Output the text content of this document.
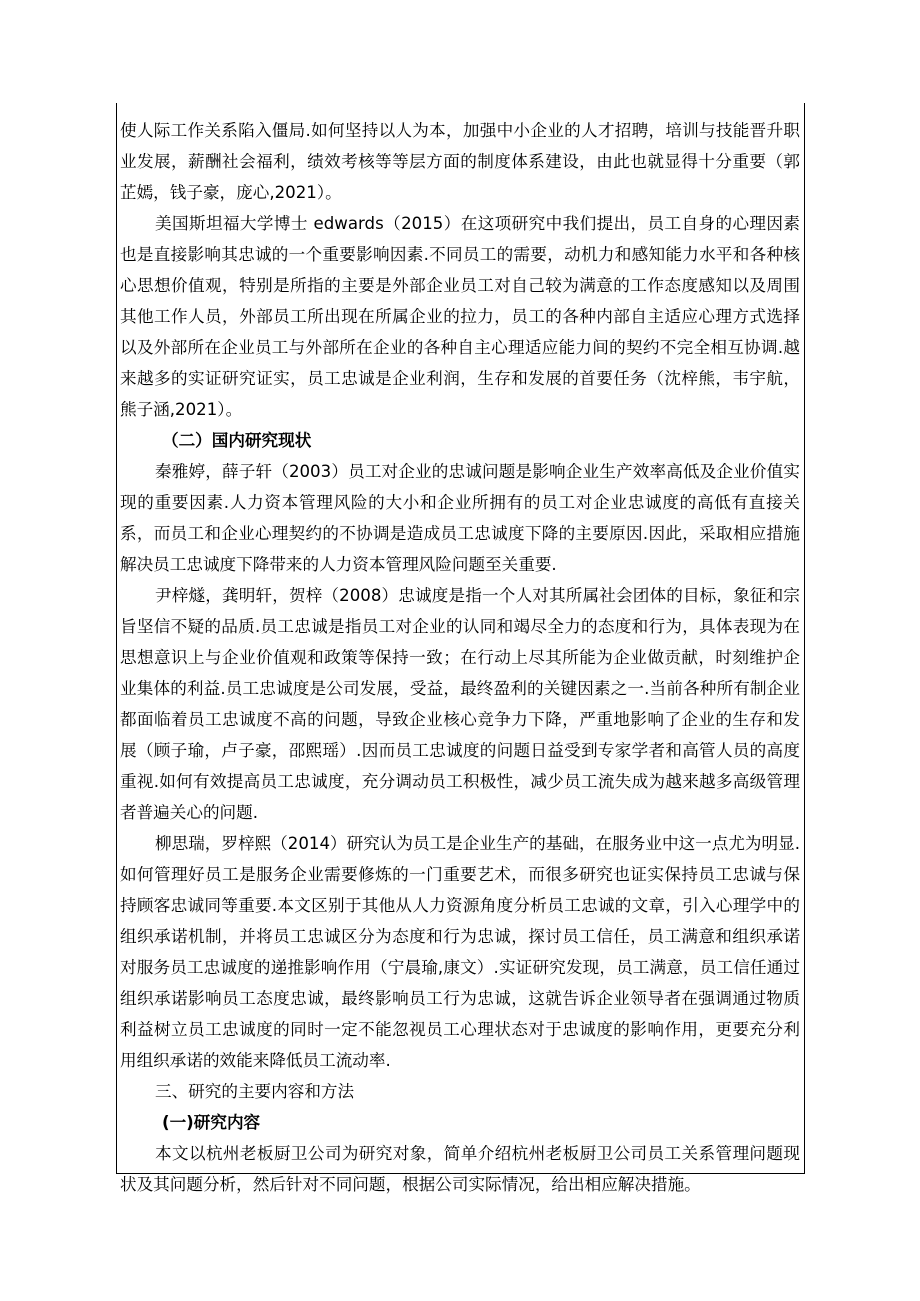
使人际工作关系陷入僵局.如何坚持以人为本，加强中小企业的人才招聘，培训与技能晋升职业发展，薪酬社会福利，绩效考核等等层方面的制度体系建设，由此也就显得十分重要（郭芷嫣，钱子豪，庞心,2021）。

美国斯坦福大学博士 edwards（2015）在这项研究中我们提出，员工自身的心理因素也是直接影响其忠诚的一个重要影响因素.不同员工的需要，动机力和感知能力水平和各种核心思想价值观，特别是所指的主要是外部企业员工对自己较为满意的工作态度感知以及周围其他工作人员，外部员工所出现在所属企业的拉力，员工的各种内部自主适应心理方式选择以及外部所在企业员工与外部所在企业的各种自主心理适应能力间的契约不完全相互协调.越来越多的实证研究证实，员工忠诚是企业利润，生存和发展的首要任务（沈梓熊，韦宇航，熊子涵,2021）。

（二）国内研究现状

秦雅婷，薛子轩（2003）员工对企业的忠诚问题是影响企业生产效率高低及企业价值实现的重要因素.人力资本管理风险的大小和企业所拥有的员工对企业忠诚度的高低有直接关系，而员工和企业心理契约的不协调是造成员工忠诚度下降的主要原因.因此，采取相应措施解决员工忠诚度下降带来的人力资本管理风险问题至关重要.

尹梓燧，龚明轩，贺梓（2008）忠诚度是指一个人对其所属社会团体的目标，象征和宗旨坚信不疑的品质.员工忠诚是指员工对企业的认同和竭尽全力的态度和行为，具体表现为在思想意识上与企业价值观和政策等保持一致；在行动上尽其所能为企业做贡献，时刻维护企业集体的利益.员工忠诚度是公司发展，受益，最终盈利的关键因素之一.当前各种所有制企业都面临着员工忠诚度不高的问题，导致企业核心竞争力下降，严重地影响了企业的生存和发展（顾子瑜，卢子豪，邵熙瑶）.因而员工忠诚度的问题日益受到专家学者和高管人员的高度重视.如何有效提高员工忠诚度，充分调动员工积极性，减少员工流失成为越来越多高级管理者普遍关心的问题.

柳思瑞，罗梓熙（2014）研究认为员工是企业生产的基础，在服务业中这一点尤为明显.如何管理好员工是服务企业需要修炼的一门重要艺术，而很多研究也证实保持员工忠诚与保持顾客忠诚同等重要.本文区别于其他从人力资源角度分析员工忠诚的文章，引入心理学中的组织承诺机制，并将员工忠诚区分为态度和行为忠诚，探讨员工信任，员工满意和组织承诺对服务员工忠诚度的递推影响作用（宁晨瑜,康文）.实证研究发现，员工满意，员工信任通过组织承诺影响员工态度忠诚，最终影响员工行为忠诚，这就告诉企业领导者在强调通过物质利益树立员工忠诚度的同时一定不能忽视员工心理状态对于忠诚度的影响作用，更要充分利用组织承诺的效能来降低员工流动率.

三、研究的主要内容和方法

(一)研究内容

本文以杭州老板厨卫公司为研究对象，简单介绍杭州老板厨卫公司员工关系管理问题现状及其问题分析，然后针对不同问题，根据公司实际情况，给出相应解决措施。
